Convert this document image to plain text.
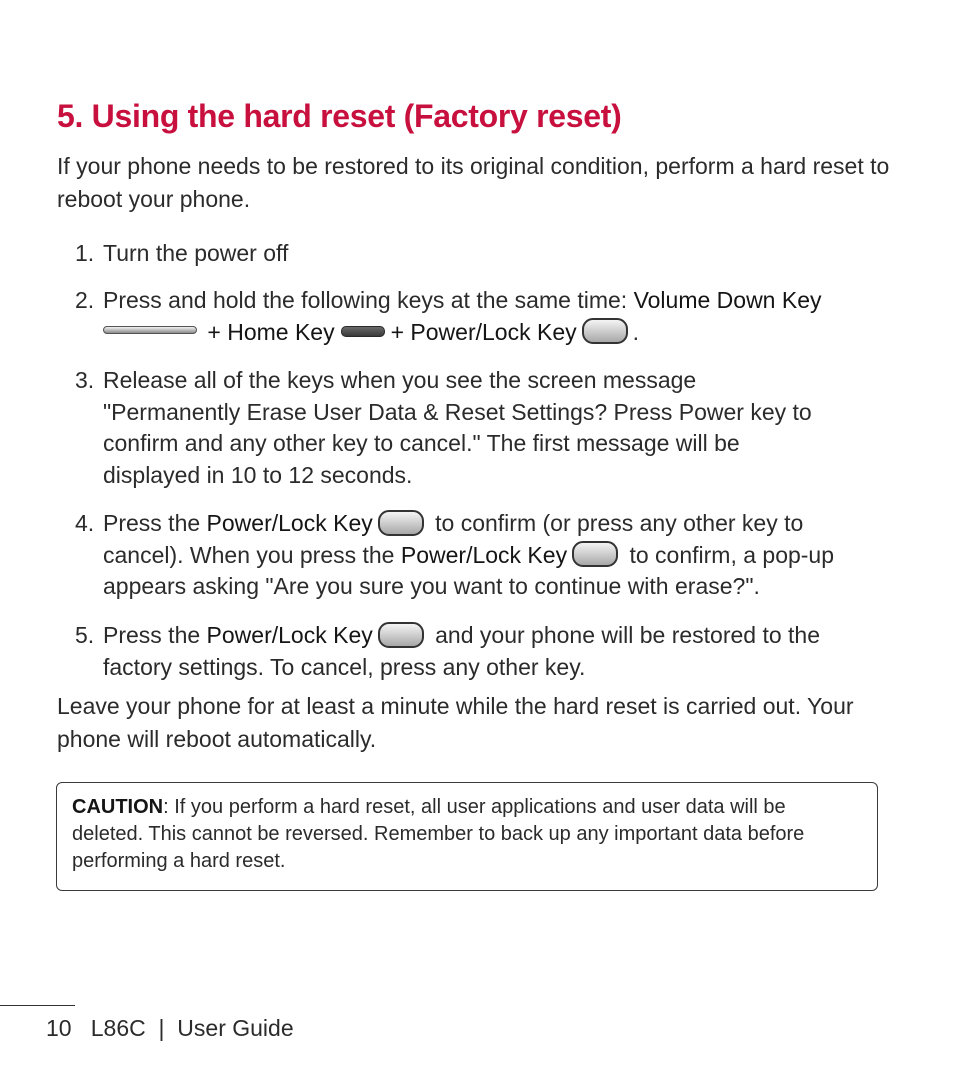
5. Using the hard reset (Factory reset)

If your phone needs to be restored to its original condition, perform a hard reset to reboot your phone.

1. Turn the power off
2. Press and hold the following keys at the same time: Volume Down Key
+ Home Key + Power/Lock Key .
3. Release all of the keys when you see the screen message "Permanently Erase User Data & Reset Settings? Press Power key to confirm and any other key to cancel." The first message will be displayed in 10 to 12 seconds.
4. Press the Power/Lock Key to confirm (or press any other key to cancel). When you press the Power/Lock Key to confirm, a pop-up appears asking "Are you sure you want to continue with erase?".
5. Press the Power/Lock Key and your phone will be restored to the factory settings. To cancel, press any other key.

Leave your phone for at least a minute while the hard reset is carried out. Your phone will reboot automatically.

CAUTION: If you perform a hard reset, all user applications and user data will be deleted. This cannot be reversed. Remember to back up any important data before performing a hard reset.

10 L86C | User Guide
